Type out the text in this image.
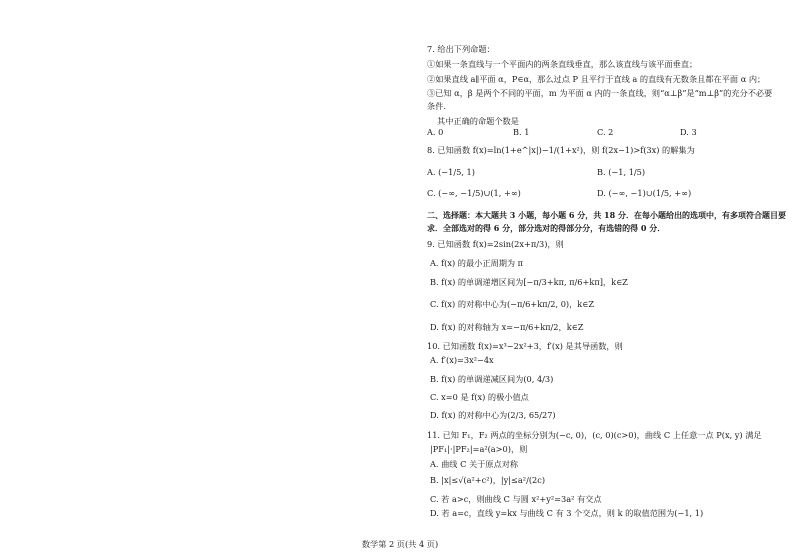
7. 给出下列命题：
①如果一条直线与一个平面内的两条直线垂直，那么该直线与该平面垂直；
②如果直线 a∥平面 α，P∈α，那么过点 P 且平行于直线 a 的直线有无数条且都在平面 α 内；
③已知 α，β 是两个不同的平面，m 为平面 α 内的一条直线，则“α⊥β”是“m⊥β”的充分不必要
条件.
其中正确的命题个数是
A. 0	B. 1	C. 2	D. 3
8. 已知函数 f(x)=ln(1+e^|x|)−1/(1+x²)，则 f(2x−1)>f(3x) 的解集为
A. (−1/5, 1)	B. (−1, 1/5)
C. (−∞, −1/5)∪(1, +∞)	D. (−∞, −1)∪(1/5, +∞)
二、选择题：本大题共 3 小题，每小题 6 分，共 18 分．在每小题给出的选项中，有多项符合题目要
求．全部选对的得 6 分，部分选对的得部分分，有选错的得 0 分．
9. 已知函数 f(x)=2sin(2x+π/3)，则
A. f(x) 的最小正周期为 π
B. f(x) 的单调递增区间为[−π/3+kπ, π/6+kπ]，k∈Z
C. f(x) 的对称中心为(−π/6+kπ/2, 0)，k∈Z
D. f(x) 的对称轴为 x=−π/6+kπ/2，k∈Z
10. 已知函数 f(x)=x³−2x²+3，f′(x) 是其导函数，则
A. f′(x)=3x²−4x
B. f(x) 的单调递减区间为(0, 4/3)
C. x=0 是 f(x) 的极小值点
D. f(x) 的对称中心为(2/3, 65/27)
11. 已知 F₁，F₂ 两点的坐标分别为(−c, 0)，(c, 0)(c>0)，曲线 C 上任意一点 P(x, y) 满足
|PF₁|·|PF₂|=a²(a>0)，则
A. 曲线 C 关于原点对称
B. |x|≤√(a²+c²)，|y|≤a²/(2c)
C. 若 a>c，则曲线 C 与圆 x²+y²=3a² 有交点
D. 若 a=c，直线 y=kx 与曲线 C 有 3 个交点，则 k 的取值范围为(−1, 1)
数学第 2 页(共 4 页)
